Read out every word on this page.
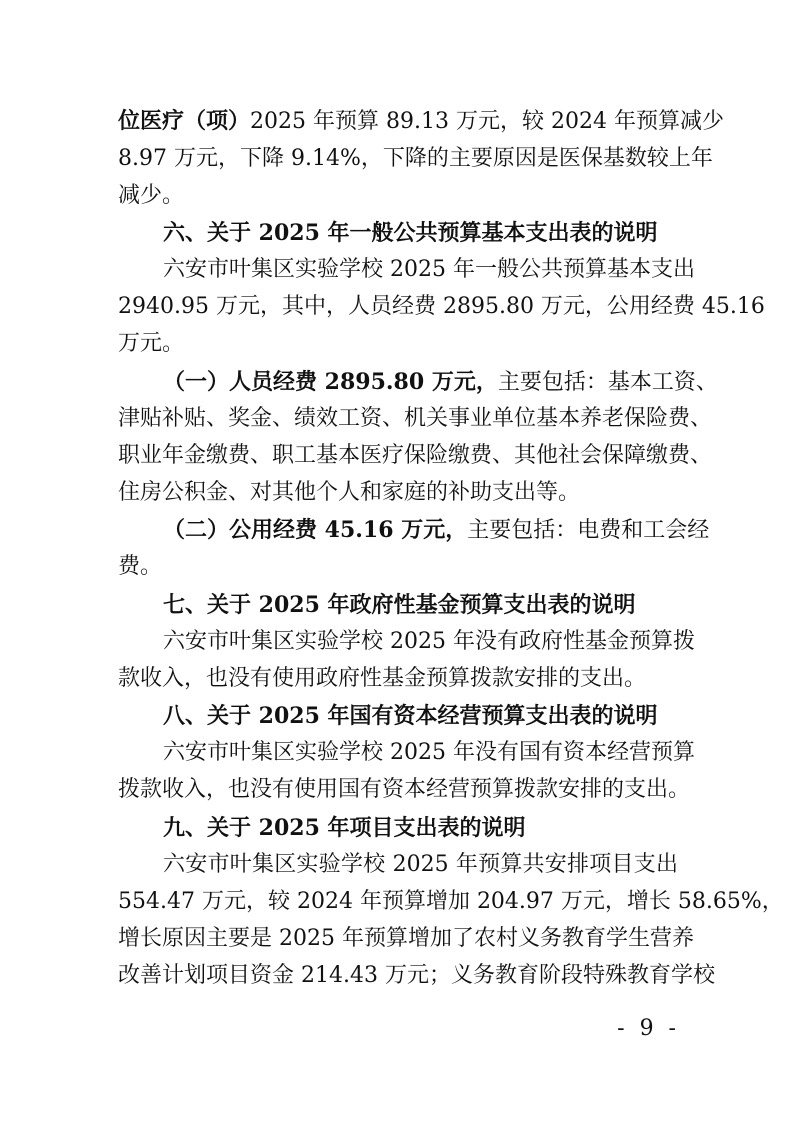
位医疗（项）2025 年预算 89.13 万元，较 2024 年预算减少
8.97 万元，下降 9.14%，下降的主要原因是医保基数较上年
减少。
六、关于 2025 年一般公共预算基本支出表的说明
六安市叶集区实验学校 2025 年一般公共预算基本支出
2940.95 万元，其中，人员经费 2895.80 万元，公用经费 45.16
万元。
（一）人员经费 2895.80 万元，主要包括：基本工资、
津贴补贴、奖金、绩效工资、机关事业单位基本养老保险费、
职业年金缴费、职工基本医疗保险缴费、其他社会保障缴费、
住房公积金、对其他个人和家庭的补助支出等。
（二）公用经费 45.16 万元，主要包括：电费和工会经
费。
七、关于 2025 年政府性基金预算支出表的说明
六安市叶集区实验学校 2025 年没有政府性基金预算拨
款收入，也没有使用政府性基金预算拨款安排的支出。
八、关于 2025 年国有资本经营预算支出表的说明
六安市叶集区实验学校 2025 年没有国有资本经营预算
拨款收入，也没有使用国有资本经营预算拨款安排的支出。
九、关于 2025 年项目支出表的说明
六安市叶集区实验学校 2025 年预算共安排项目支出
554.47 万元，较 2024 年预算增加 204.97 万元，增长 58.65%，
增长原因主要是 2025 年预算增加了农村义务教育学生营养
改善计划项目资金 214.43 万元；义务教育阶段特殊教育学校
- 9 -
